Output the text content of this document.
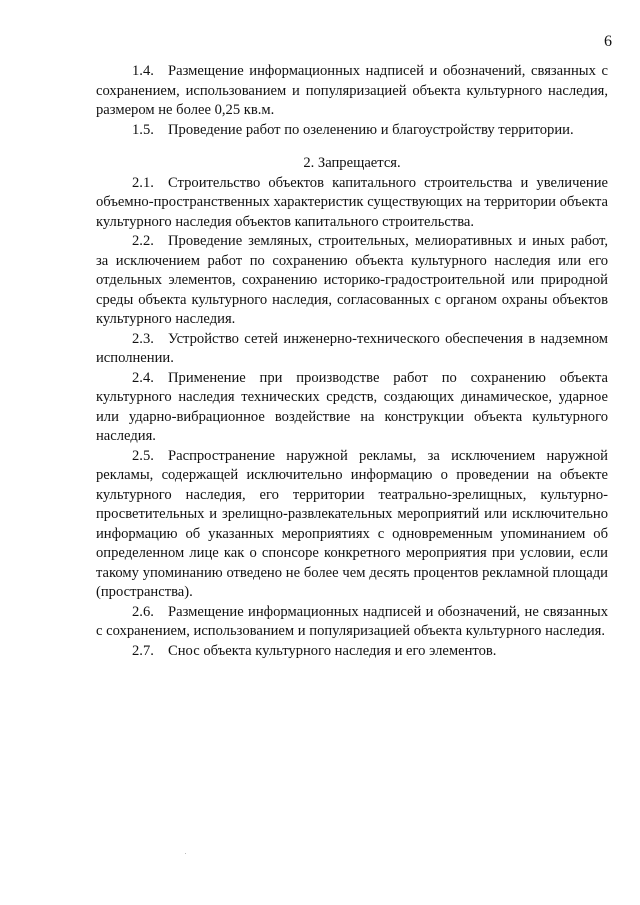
6

1.4. Размещение информационных надписей и обозначений, связанных с сохранением, использованием и популяризацией объекта культурного наследия, размером не более 0,25 кв.м.

1.5. Проведение работ по озеленению и благоустройству территории.

2. Запрещается.

2.1. Строительство объектов капитального строительства и увеличение объемно-пространственных характеристик существующих на территории объекта культурного наследия объектов капитального строительства.

2.2. Проведение земляных, строительных, мелиоративных и иных работ, за исключением работ по сохранению объекта культурного наследия или его отдельных элементов, сохранению историко-градостроительной или природной среды объекта культурного наследия, согласованных с органом охраны объектов культурного наследия.

2.3. Устройство сетей инженерно-технического обеспечения в надземном исполнении.

2.4. Применение при производстве работ по сохранению объекта культурного наследия технических средств, создающих динамическое, ударное или ударно-вибрационное воздействие на конструкции объекта культурного наследия.

2.5. Распространение наружной рекламы, за исключением наружной рекламы, содержащей исключительно информацию о проведении на объекте культурного наследия, его территории театрально-зрелищных, культурно-просветительных и зрелищно-развлекательных мероприятий или исключительно информацию об указанных мероприятиях с одновременным упоминанием об определенном лице как о спонсоре конкретного мероприятия при условии, если такому упоминанию отведено не более чем десять процентов рекламной площади (пространства).

2.6. Размещение информационных надписей и обозначений, не связанных с сохранением, использованием и популяризацией объекта культурного наследия.

2.7. Снос объекта культурного наследия и его элементов.
